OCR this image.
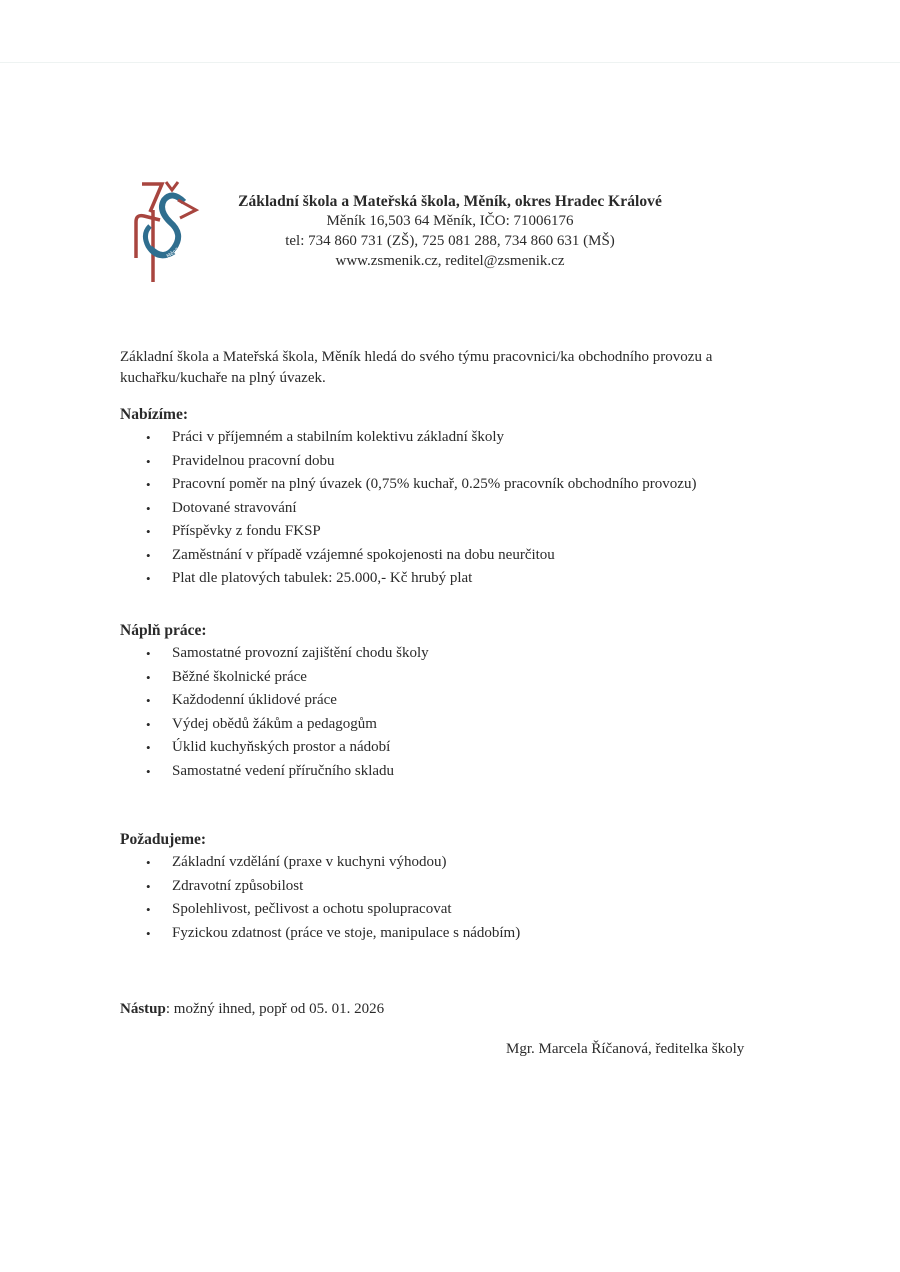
Měník
Základní škola a Mateřská škola, Měník, okres Hradec Králové
Měník 16,503 64 Měník, IČO: 71006176
tel: 734 860 731 (ZŠ), 725 081 288, 734 860 631 (MŠ)
www.zsmenik.cz, reditel@zsmenik.cz
Základní škola a Mateřská škola, Měník hledá do svého týmu pracovnici/ka obchodního provozu a kuchařku/kuchaře na plný úvazek.
Nabízíme:
• Práci v příjemném a stabilním kolektivu základní školy
• Pravidelnou pracovní dobu
• Pracovní poměr na plný úvazek (0,75% kuchař, 0.25% pracovník obchodního provozu)
• Dotované stravování
• Příspěvky z fondu FKSP
• Zaměstnání v případě vzájemné spokojenosti na dobu neurčitou
• Plat dle platových tabulek: 25.000,- Kč hrubý plat
Náplň práce:
• Samostatné provozní zajištění chodu školy
• Běžné školnické práce
• Každodenní úklidové práce
• Výdej obědů žákům a pedagogům
• Úklid kuchyňských prostor a nádobí
• Samostatné vedení příručního skladu
Požadujeme:
• Základní vzdělání (praxe v kuchyni výhodou)
• Zdravotní způsobilost
• Spolehlivost, pečlivost a ochotu spolupracovat
• Fyzickou zdatnost (práce ve stoje, manipulace s nádobím)
Nástup: možný ihned, popř od 05. 01. 2026
Mgr. Marcela Říčanová, ředitelka školy
